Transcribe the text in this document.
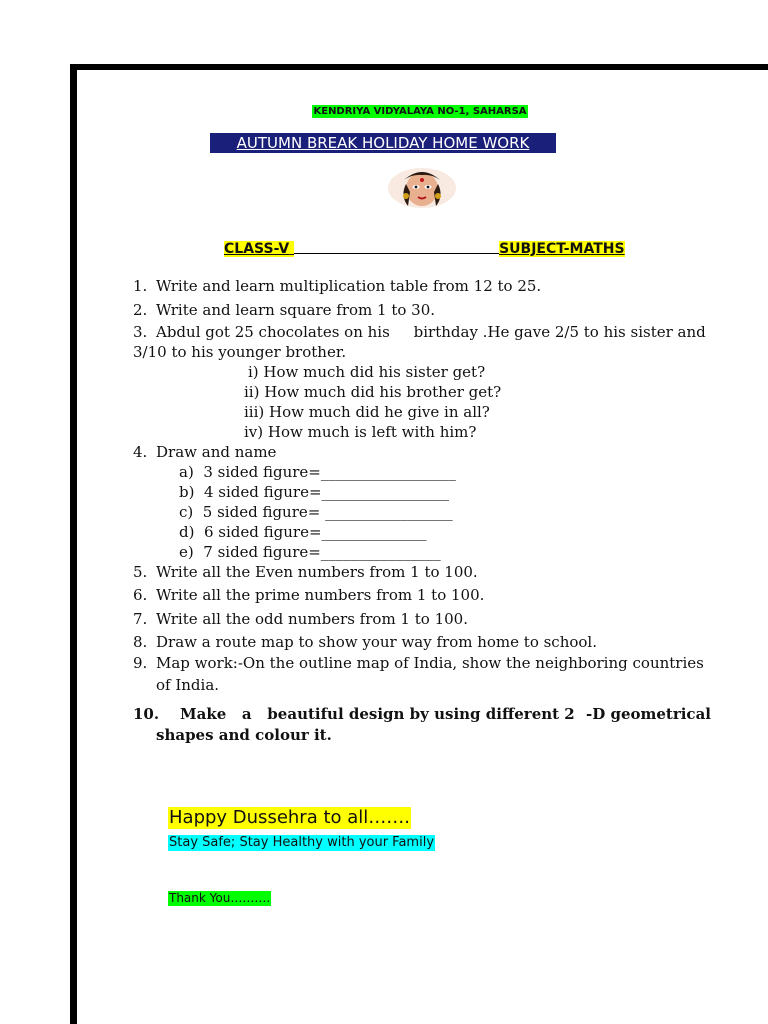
KENDRIYA VIDYALAYA NO-1, SAHARSA
AUTUMN BREAK HOLIDAY HOME WORK
CLASS-V
	SUBJECT-MATHS
1. Write and learn multiplication table from 12 to 25.
2. Write and learn square from 1 to 30.
3. Abdul got 25 chocolates on his     birthday .He gave 2/5 to his sister and
3/10 to his younger brother.
i) How much did his sister get?
ii) How much did his brother get?
iii) How much did he give in all?
iv) How much is left with him?
4. Draw and name
a)  3 sided figure=__________________
b)  4 sided figure=_________________
c)  5 sided figure= _________________
d)  6 sided figure=______________
e)  7 sided figure=________________
5. Write all the Even numbers from 1 to 100.
6. Write all the prime numbers from 1 to 100.
7. Write all the odd numbers from 1 to 100.
8. Draw a route map to show your way from home to school.
9. Map work:-On the outline map of India, show the neighboring countries
of India.
10. Make   a   beautiful design by using different 2 -D geometrical
shapes and colour it.
Happy Dussehra to all…….
Stay Safe; Stay Healthy with your Family
Thank You……….
